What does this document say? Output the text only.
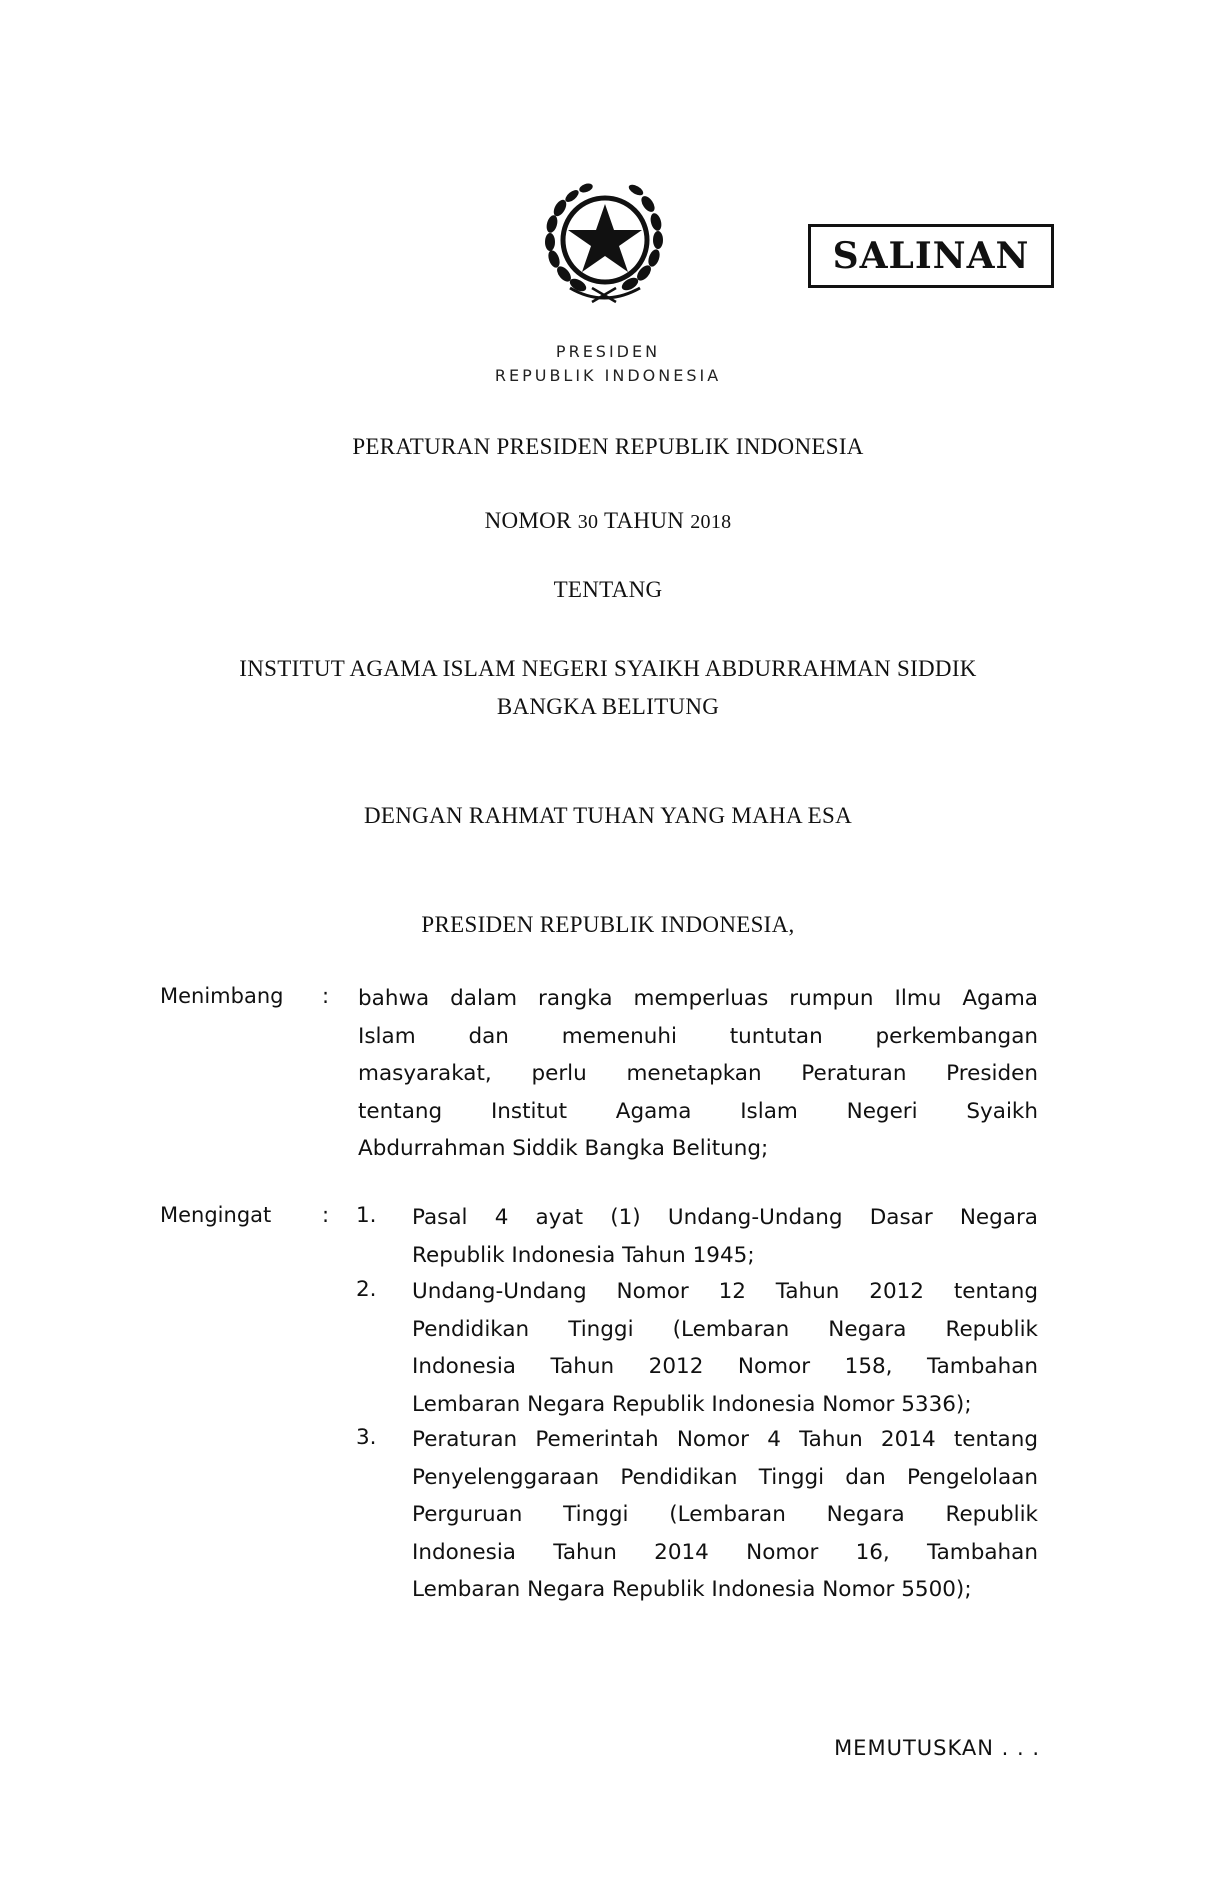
SALINAN
PRESIDEN
REPUBLIK INDONESIA
PERATURAN PRESIDEN REPUBLIK INDONESIA
NOMOR 30 TAHUN 2018
TENTANG
INSTITUT AGAMA ISLAM NEGERI SYAIKH ABDURRAHMAN SIDDIK
BANGKA BELITUNG
DENGAN RAHMAT TUHAN YANG MAHA ESA
PRESIDEN REPUBLIK INDONESIA,
Menimbang : bahwa dalam rangka memperluas rumpun Ilmu Agama
Islam dan memenuhi tuntutan perkembangan
masyarakat, perlu menetapkan Peraturan Presiden
tentang Institut Agama Islam Negeri Syaikh
Abdurrahman Siddik Bangka Belitung;
Mengingat : 1. Pasal 4 ayat (1) Undang-Undang Dasar Negara
Republik Indonesia Tahun 1945;
2. Undang-Undang Nomor 12 Tahun 2012 tentang
Pendidikan Tinggi (Lembaran Negara Republik
Indonesia Tahun 2012 Nomor 158, Tambahan
Lembaran Negara Republik Indonesia Nomor 5336);
3. Peraturan Pemerintah Nomor 4 Tahun 2014 tentang
Penyelenggaraan Pendidikan Tinggi dan Pengelolaan
Perguruan Tinggi (Lembaran Negara Republik
Indonesia Tahun 2014 Nomor 16, Tambahan
Lembaran Negara Republik Indonesia Nomor 5500);
MEMUTUSKAN . . .
